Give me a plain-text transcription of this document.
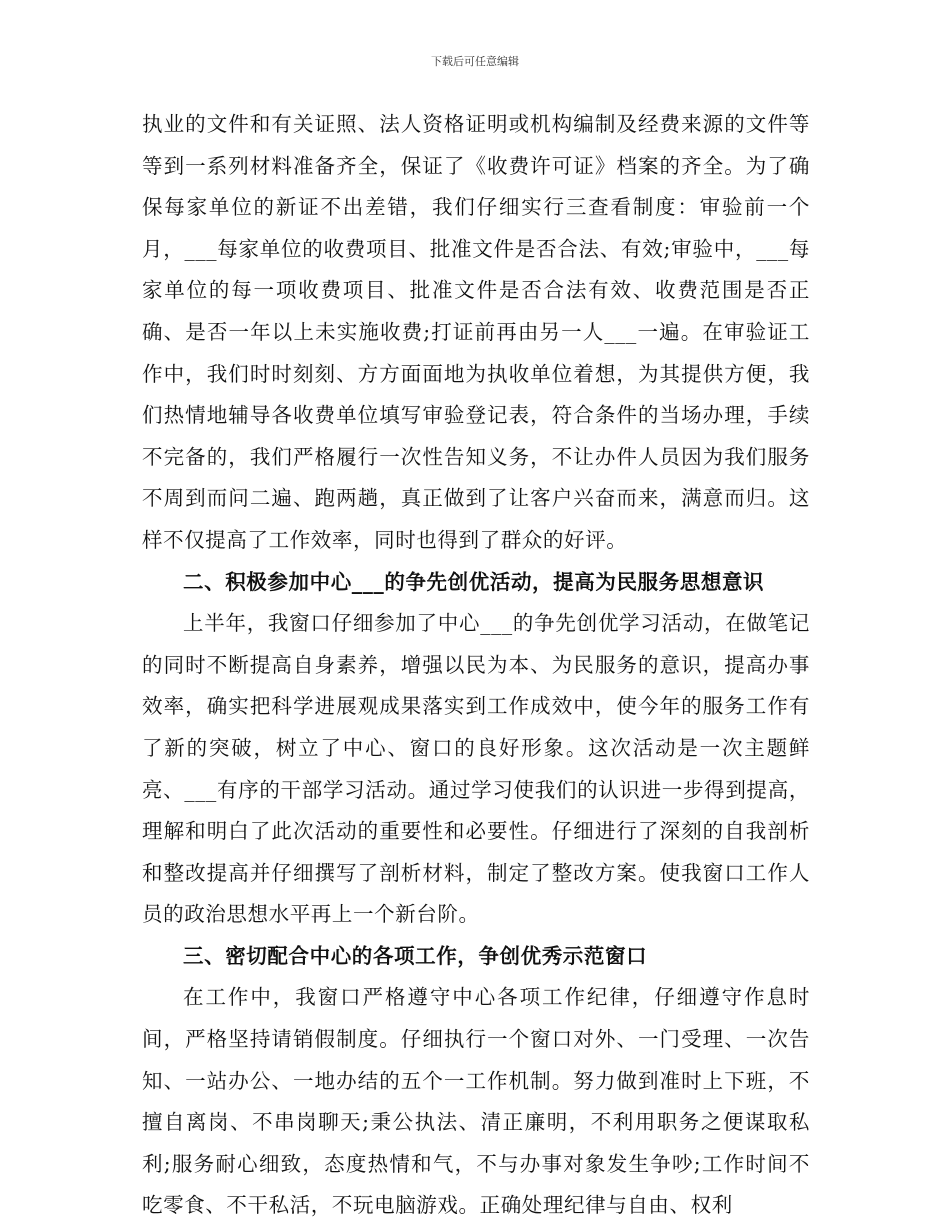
下载后可任意编辑

执业的文件和有关证照、法人资格证明或机构编制及经费来源的文件等等到一系列材料准备齐全，保证了《收费许可证》档案的齐全。为了确保每家单位的新证不出差错，我们仔细实行三查看制度：审验前一个月，___每家单位的收费项目、批准文件是否合法、有效;审验中，___每家单位的每一项收费项目、批准文件是否合法有效、收费范围是否正确、是否一年以上未实施收费;打证前再由另一人___一遍。在审验证工作中，我们时时刻刻、方方面面地为执收单位着想，为其提供方便，我们热情地辅导各收费单位填写审验登记表，符合条件的当场办理，手续不完备的，我们严格履行一次性告知义务，不让办件人员因为我们服务不周到而问二遍、跑两趟，真正做到了让客户兴奋而来，满意而归。这样不仅提高了工作效率，同时也得到了群众的好评。

二、积极参加中心___的争先创优活动，提高为民服务思想意识

上半年，我窗口仔细参加了中心___的争先创优学习活动，在做笔记的同时不断提高自身素养，增强以民为本、为民服务的意识，提高办事效率，确实把科学进展观成果落实到工作成效中，使今年的服务工作有了新的突破，树立了中心、窗口的良好形象。这次活动是一次主题鲜亮、___有序的干部学习活动。通过学习使我们的认识进一步得到提高，理解和明白了此次活动的重要性和必要性。仔细进行了深刻的自我剖析和整改提高并仔细撰写了剖析材料，制定了整改方案。使我窗口工作人员的政治思想水平再上一个新台阶。

三、密切配合中心的各项工作，争创优秀示范窗口

在工作中，我窗口严格遵守中心各项工作纪律，仔细遵守作息时间，严格坚持请销假制度。仔细执行一个窗口对外、一门受理、一次告知、一站办公、一地办结的五个一工作机制。努力做到准时上下班，不擅自离岗、不串岗聊天;秉公执法、清正廉明，不利用职务之便谋取私利;服务耐心细致，态度热情和气，不与办事对象发生争吵;工作时间不吃零食、不干私活，不玩电脑游戏。正确处理纪律与自由、权利
